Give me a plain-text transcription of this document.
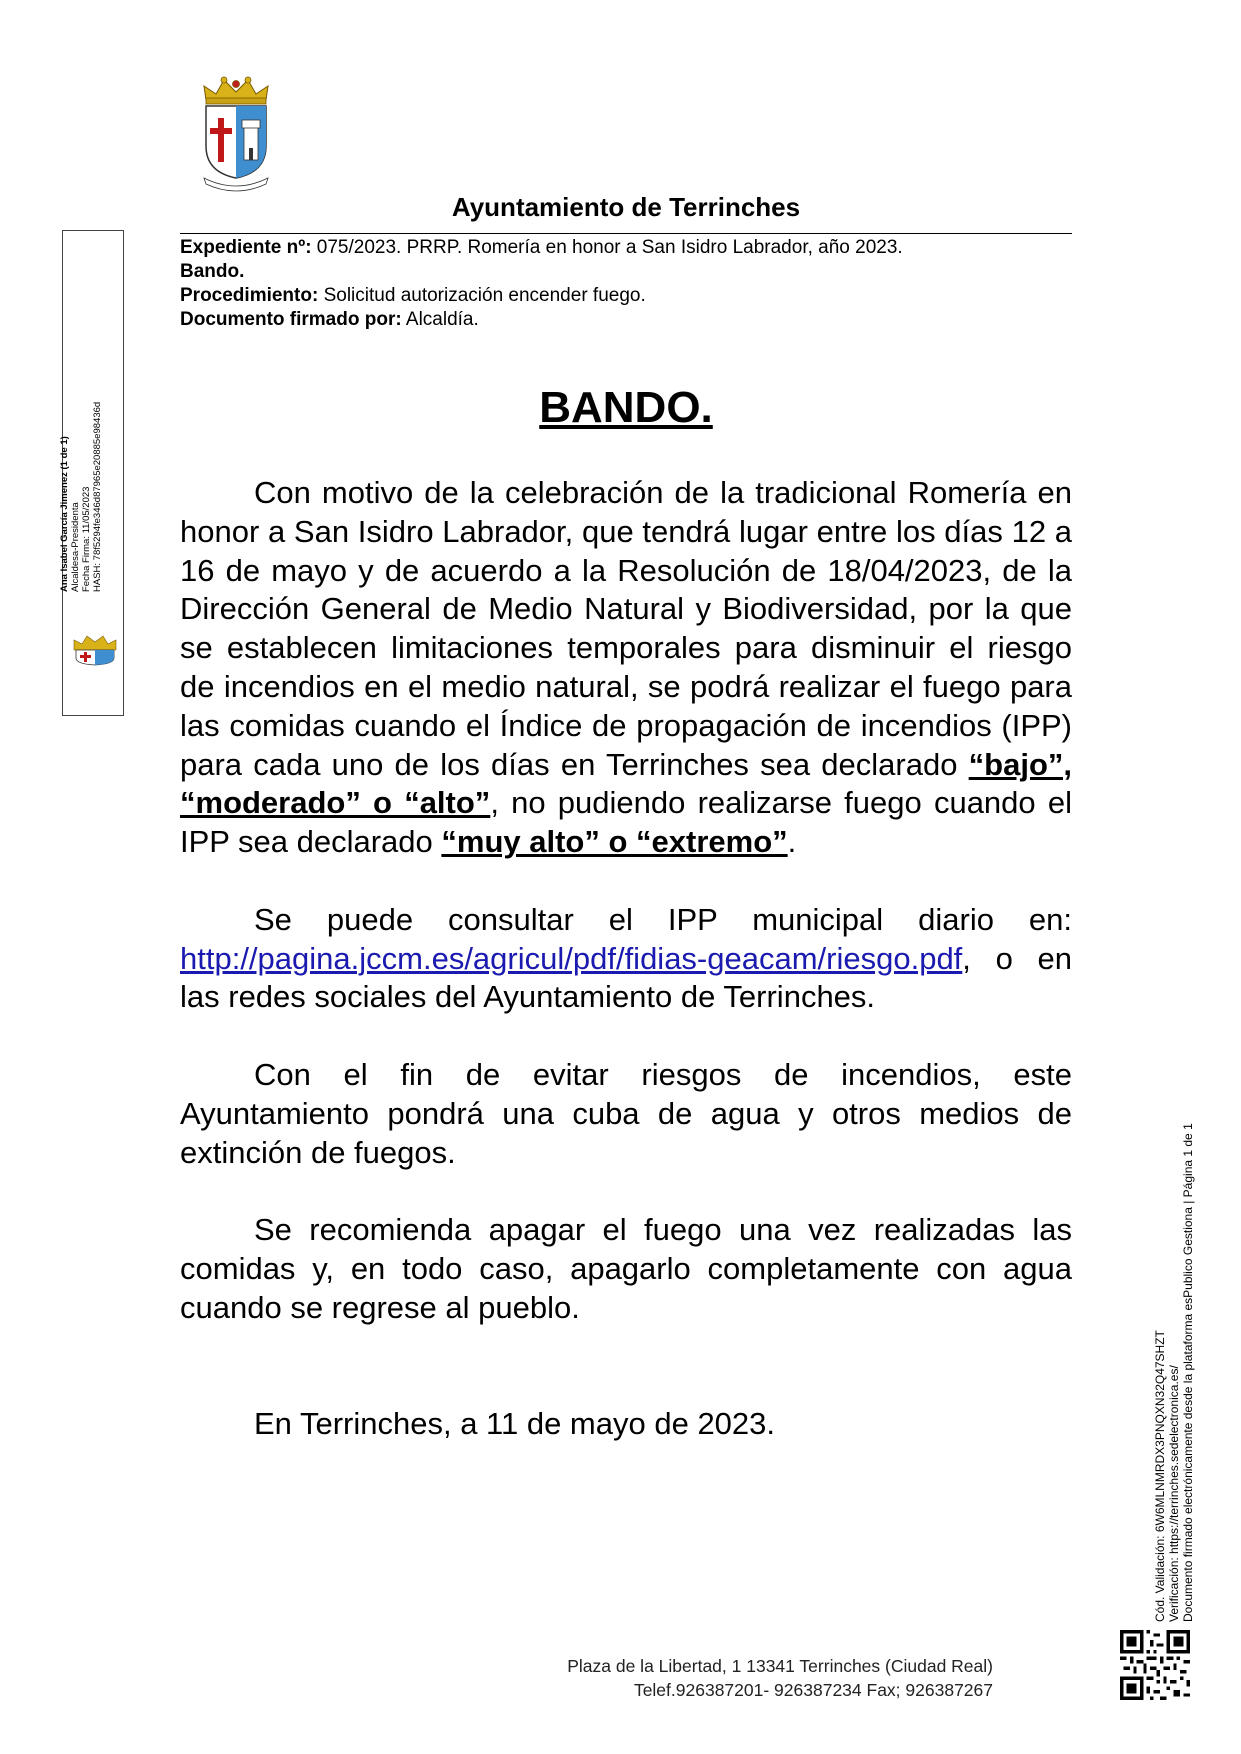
Ayuntamiento de Terrinches
Expediente nº: 075/2023. PRRP. Romería en honor a San Isidro Labrador, año 2023.
Bando.
Procedimiento: Solicitud autorización encender fuego.
Documento firmado por: Alcaldía.
BANDO.

Con motivo de la celebración de la tradicional Romería en honor a San Isidro Labrador, que tendrá lugar entre los días 12 a 16 de mayo y de acuerdo a la Resolución de 18/04/2023, de la Dirección General de Medio Natural y Biodiversidad, por la que se establecen limitaciones temporales para disminuir el riesgo de incendios en el medio natural, se podrá realizar el fuego para las comidas cuando el Índice de propagación de incendios (IPP) para cada uno de los días en Terrinches sea declarado “bajo”, “moderado” o “alto”, no pudiendo realizarse fuego cuando el IPP sea declarado “muy alto” o “extremo”.

Se puede consultar el IPP municipal diario en: http://pagina.jccm.es/agricul/pdf/fidias-geacam/riesgo.pdf, o en las redes sociales del Ayuntamiento de Terrinches.

Con el fin de evitar riesgos de incendios, este Ayuntamiento pondrá una cuba de agua y otros medios de extinción de fuegos.

Se recomienda apagar el fuego una vez realizadas las comidas y, en todo caso, apagarlo completamente con agua cuando se regrese al pueblo.

En Terrinches, a 11 de mayo de 2023.
Plaza de la Libertad, 1 13341 Terrinches (Ciudad Real)
Telef.926387201- 926387234 Fax; 926387267
Ana Isabel García Jimenez (1 de 1) Alcaldesa-Presidenta Fecha Firma: 11/05/2023 HASH: 78f5294fe346d87965e20885e98436d
Cód. Validación: 6W6MLNMRDX3PNQXN32Q47SHZT Verificación: https://terrinches.sedelectronica.es/ Documento firmado electrónicamente desde la plataforma esPublico Gestiona | Página 1 de 1
